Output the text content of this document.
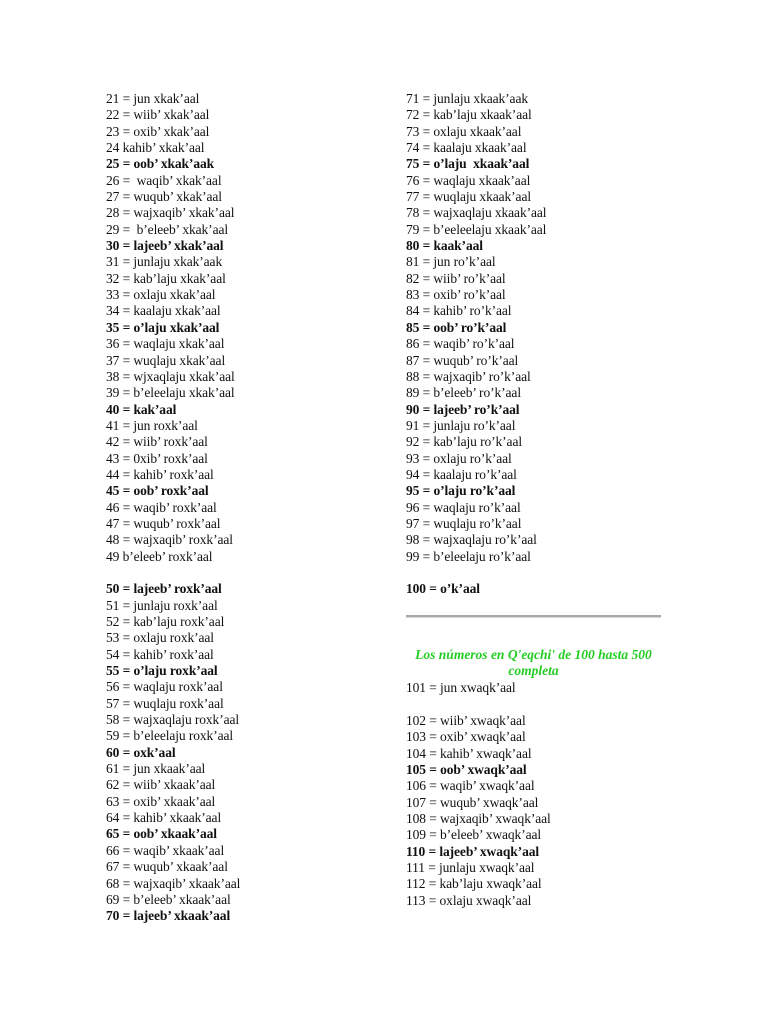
21 = jun xkak’aal
22 = wiib’ xkak’aal
23 = oxib’ xkak’aal
24 kahib’ xkak’aal
25 = oob’ xkak’aak
26 =  waqib’ xkak’aal
27 = wuqub’ xkak’aal
28 = wajxaqib’ xkak’aal
29 =  b’eleeb’ xkak’aal
30 = lajeeb’ xkak’aal
31 = junlaju xkak’aak
32 = kab’laju xkak’aal
33 = oxlaju xkak’aal
34 = kaalaju xkak’aal
35 = o’laju xkak’aal
36 = waqlaju xkak’aal
37 = wuqlaju xkak’aal
38 = wjxaqlaju xkak’aal
39 = b’eleelaju xkak’aal
40 = kak’aal
41 = jun roxk’aal
42 = wiib’ roxk’aal
43 = 0xib’ roxk’aal
44 = kahib’ roxk’aal
45 = oob’ roxk’aal
46 = waqib’ roxk’aal
47 = wuqub’ roxk’aal
48 = wajxaqib’ roxk’aal
49 b’eleeb’ roxk’aal
50 = lajeeb’ roxk’aal
51 = junlaju roxk’aal
52 = kab’laju roxk’aal
53 = oxlaju roxk’aal
54 = kahib’ roxk’aal
55 = o’laju roxk’aal
56 = waqlaju roxk’aal
57 = wuqlaju roxk’aal
58 = wajxaqlaju roxk’aal
59 = b’eleelaju roxk’aal
60 = oxk’aal
61 = jun xkaak’aal
62 = wiib’ xkaak’aal
63 = oxib’ xkaak’aal
64 = kahib’ xkaak’aal
65 = oob’ xkaak’aal
66 = waqib’ xkaak’aal
67 = wuqub’ xkaak’aal
68 = wajxaqib’ xkaak’aal
69 = b’eleeb’ xkaak’aal
70 = lajeeb’ xkaak’aal
71 = junlaju xkaak’aak
72 = kab’laju xkaak’aal
73 = oxlaju xkaak’aal
74 = kaalaju xkaak’aal
75 = o’laju  xkaak’aal
76 = waqlaju xkaak’aal
77 = wuqlaju xkaak’aal
78 = wajxaqlaju xkaak’aal
79 = b’eeleelaju xkaak’aal
80 = kaak’aal
81 = jun ro’k’aal
82 = wiib’ ro’k’aal
83 = oxib’ ro’k’aal
84 = kahib’ ro’k’aal
85 = oob’ ro’k’aal
86 = waqib’ ro’k’aal
87 = wuqub’ ro’k’aal
88 = wajxaqib’ ro’k’aal
89 = b’eleeb’ ro’k’aal
90 = lajeeb’ ro’k’aal
91 = junlaju ro’k’aal
92 = kab’laju ro’k’aal
93 = oxlaju ro’k’aal
94 = kaalaju ro’k’aal
95 = o’laju ro’k’aal
96 = waqlaju ro’k’aal
97 = wuqlaju ro’k’aal
98 = wajxaqlaju ro’k’aal
99 = b’eleelaju ro’k’aal
100 = o’k’aal
Los números en Q'eqchi' de 100 hasta 500 completa
101 = jun xwaqk’aal
102 = wiib’ xwaqk’aal
103 = oxib’ xwaqk’aal
104 = kahib’ xwaqk’aal
105 = oob’ xwaqk’aal
106 = waqib’ xwaqk’aal
107 = wuqub’ xwaqk’aal
108 = wajxaqib’ xwaqk’aal
109 = b’eleeb’ xwaqk’aal
110 = lajeeb’ xwaqk’aal
111 = junlaju xwaqk’aal
112 = kab’laju xwaqk’aal
113 = oxlaju xwaqk’aal
